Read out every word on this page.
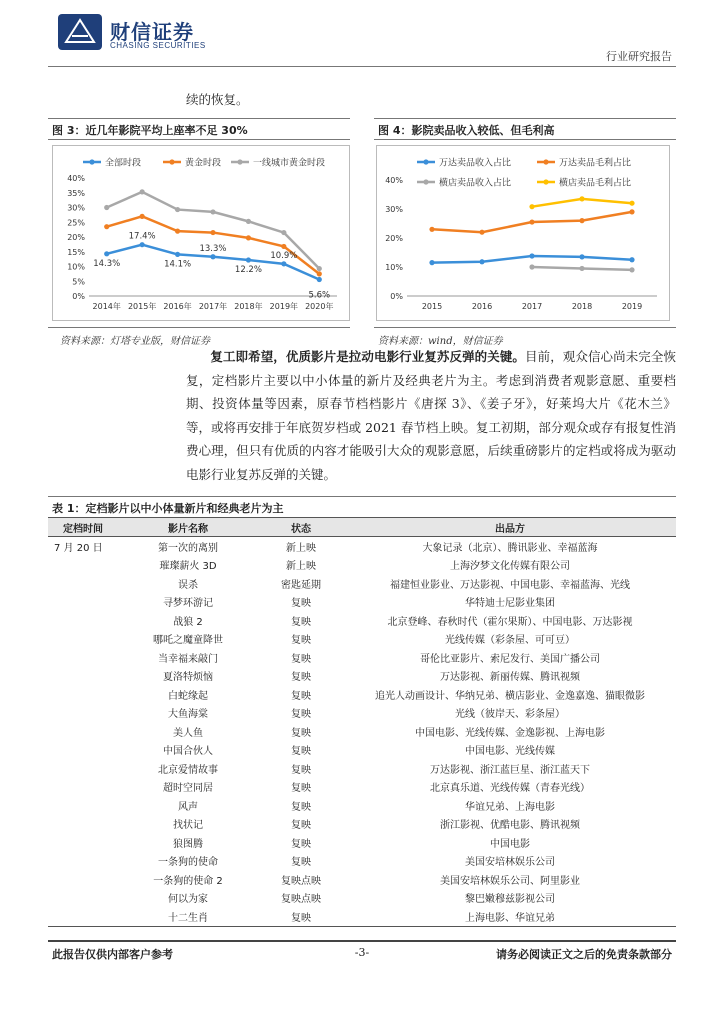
财信证券
CHASING SECURITIES
行业研究报告
续的恢复。
图 3：近几年影院平均上座率不足 30%	图 4：影院卖品收入较低、但毛利高
0%
5%
10%
15%
20%
25%
30%
35%
40%
2014年 2015年 2016年 2017年 2018年 2019年 2020年
全部时段	黄金时段	一线城市黄金时段
14.3%
17.4%
14.1%
13.3%
12.2%
10.9%
5.6%	0%
10%
20%
30%
40%
2015	2016	2017	2018	2019
万达卖品收入占比	万达卖品毛利占比
横店卖品收入占比	横店卖品毛利占比
资料来源：灯塔专业版，财信证券	资料来源：wind，财信证券
复工即希望，优质影片是拉动电影行业复苏反弹的关键。目前，观众信心尚未完全恢复，定档影片主要以中小体量的新片及经典老片为主。考虑到消费者观影意愿、重要档期、投资体量等因素，原春节档档影片《唐探 3》、《姜子牙》，好莱坞大片《花木兰》等，或将再安排于年底贺岁档或 2021 春节档上映。复工初期，部分观众或存有报复性消费心理，但只有优质的内容才能吸引大众的观影意愿，后续重磅影片的定档或将成为驱动电影行业复苏反弹的关键。
表 1：定档影片以中小体量新片和经典老片为主
定档时间	影片名称	状态	出品方
7 月 20 日	第一次的离别	新上映	大象记录（北京）、腾讯影业、幸福蓝海
	璀璨薪火 3D	新上映	上海汐梦文化传媒有限公司
	误杀	密匙延期	福建恒业影业、万达影视、中国电影、幸福蓝海、光线
	寻梦环游记	复映	华特迪士尼影业集团
	战狼 2	复映	北京登峰、春秋时代（霍尔果斯）、中国电影、万达影视
	哪吒之魔童降世	复映	光线传媒（彩条屋、可可豆）
	当幸福来敲门	复映	哥伦比亚影片、索尼发行、美国广播公司
	夏洛特烦恼	复映	万达影视、新丽传媒、腾讯视频
	白蛇缘起	复映	追光人动画设计、华纳兄弟、横店影业、金逸嘉逸、猫眼微影
	大鱼海棠	复映	光线（彼岸天、彩条屋）
	美人鱼	复映	中国电影、光线传媒、金逸影视、上海电影
	中国合伙人	复映	中国电影、光线传媒
	北京爱情故事	复映	万达影视、浙江蓝巨星、浙江蓝天下
	超时空同居	复映	北京真乐道、光线传媒（青春光线）
	风声	复映	华谊兄弟、上海电影
	找状记	复映	浙江影视、优酷电影、腾讯视频
	狼图腾	复映	中国电影
	一条狗的使命	复映	美国安培林娱乐公司
	一条狗的使命 2	复映点映	美国安培林娱乐公司、阿里影业
	何以为家	复映点映	黎巴嫩穆兹影视公司
	十二生肖	复映	上海电影、华谊兄弟
此报告仅供内部客户参考	-3-	请务必阅读正文之后的免责条款部分
